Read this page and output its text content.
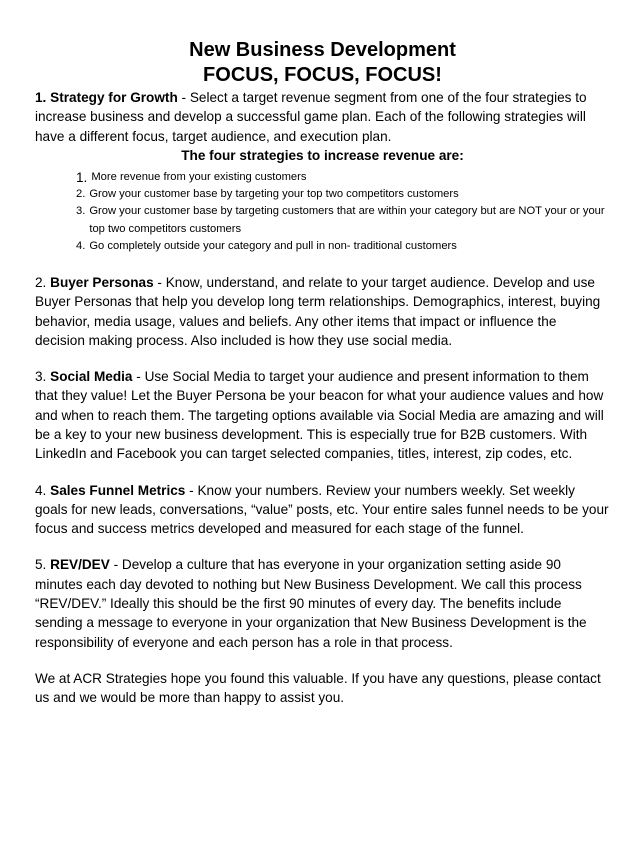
New Business Development
FOCUS, FOCUS, FOCUS!

1. Strategy for Growth - Select a target revenue segment from one of the four strategies to increase business and develop a successful game plan. Each of the following strategies will have a different focus, target audience, and execution plan.

The four strategies to increase revenue are:

1. More revenue from your existing customers
2. Grow your customer base by targeting your top two competitors customers
3. Grow your customer base by targeting customers that are within your category but are NOT your or your top two competitors customers
4. Go completely outside your category and pull in non- traditional customers

2. Buyer Personas - Know, understand, and relate to your target audience. Develop and use Buyer Personas that help you develop long term relationships. Demographics, interest, buying behavior, media usage, values and beliefs. Any other items that impact or influence the decision making process. Also included is how they use social media.

3. Social Media - Use Social Media to target your audience and present information to them that they value! Let the Buyer Persona be your beacon for what your audience values and how and when to reach them. The targeting options available via Social Media are amazing and will be a key to your new business development. This is especially true for B2B customers. With LinkedIn and Facebook you can target selected companies, titles, interest, zip codes, etc.

4. Sales Funnel Metrics - Know your numbers. Review your numbers weekly. Set weekly goals for new leads, conversations, “value” posts, etc. Your entire sales funnel needs to be your focus and success metrics developed and measured for each stage of the funnel.

5. REV/DEV - Develop a culture that has everyone in your organization setting aside 90 minutes each day devoted to nothing but New Business Development. We call this process “REV/DEV.” Ideally this should be the first 90 minutes of every day. The benefits include sending a message to everyone in your organization that New Business Development is the responsibility of everyone and each person has a role in that process.

We at ACR Strategies hope you found this valuable. If you have any questions, please contact us and we would be more than happy to assist you.
